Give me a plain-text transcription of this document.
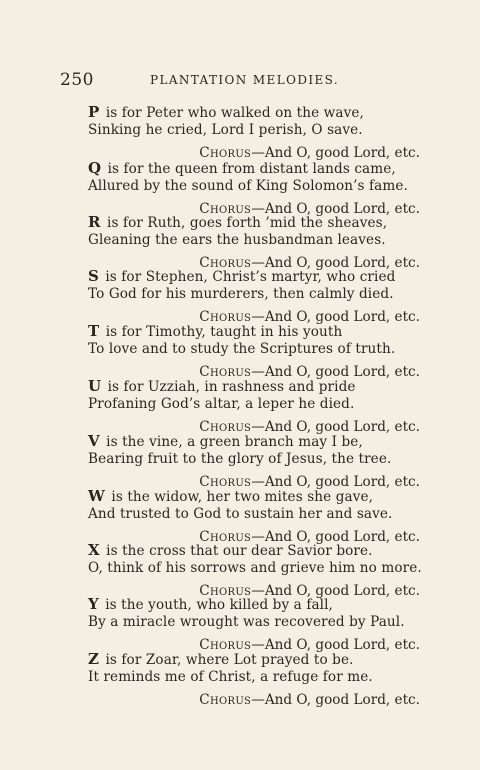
250	PLANTATION MELODIES.
P is for Peter who walked on the wave,
Sinking he cried, Lord I perish, O save.
Chorus—And O, good Lord, etc.
Q is for the queen from distant lands came,
Allured by the sound of King Solomon’s fame.
Chorus—And O, good Lord, etc.
R is for Ruth, goes forth ’mid the sheaves,
Gleaning the ears the husbandman leaves.
Chorus—And O, good Lord, etc.
S is for Stephen, Christ’s martyr, who cried
To God for his murderers, then calmly died.
Chorus—And O, good Lord, etc.
T is for Timothy, taught in his youth
To love and to study the Scriptures of truth.
Chorus—And O, good Lord, etc.
U is for Uzziah, in rashness and pride
Profaning God’s altar, a leper he died.
Chorus—And O, good Lord, etc.
V is the vine, a green branch may I be,
Bearing fruit to the glory of Jesus, the tree.
Chorus—And O, good Lord, etc.
W is the widow, her two mites she gave,
And trusted to God to sustain her and save.
Chorus—And O, good Lord, etc.
X is the cross that our dear Savior bore.
O, think of his sorrows and grieve him no more.
Chorus—And O, good Lord, etc.
Y is the youth, who killed by a fall,
By a miracle wrought was recovered by Paul.
Chorus—And O, good Lord, etc.
Z is for Zoar, where Lot prayed to be.
It reminds me of Christ, a refuge for me.
Chorus—And O, good Lord, etc.
